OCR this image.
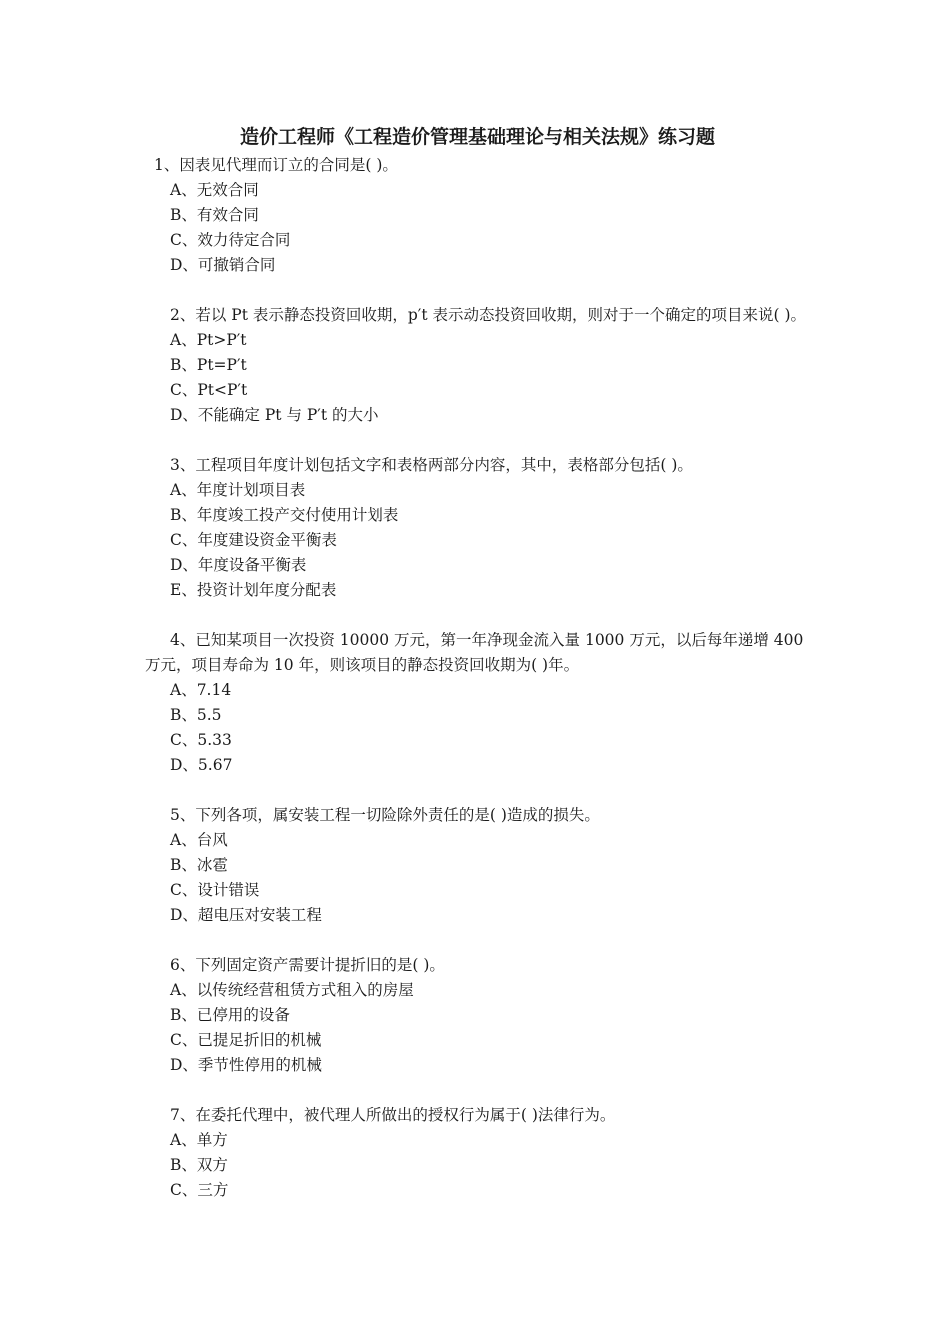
造价工程师《工程造价管理基础理论与相关法规》练习题

1、因表见代理而订立的合同是( )。

A、无效合同

B、有效合同

C、效力待定合同

D、可撤销合同

2、若以 Pt 表示静态投资回收期，p′t 表示动态投资回收期，则对于一个确定的项目来说( )。

A、Pt>P′t

B、Pt=P′t

C、Pt<P′t

D、不能确定 Pt 与 P′t 的大小

3、工程项目年度计划包括文字和表格两部分内容，其中，表格部分包括( )。

A、年度计划项目表

B、年度竣工投产交付使用计划表

C、年度建设资金平衡表

D、年度设备平衡表

E、投资计划年度分配表

4、已知某项目一次投资 10000 万元，第一年净现金流入量 1000 万元，以后每年递增 400 万元，项目寿命为 10 年，则该项目的静态投资回收期为( )年。

A、7.14

B、5.5

C、5.33

D、5.67

5、下列各项，属安装工程一切险除外责任的是( )造成的损失。

A、台风

B、冰雹

C、设计错误

D、超电压对安装工程

6、下列固定资产需要计提折旧的是( )。

A、以传统经营租赁方式租入的房屋

B、已停用的设备

C、已提足折旧的机械

D、季节性停用的机械

7、在委托代理中，被代理人所做出的授权行为属于( )法律行为。

A、单方

B、双方

C、三方
